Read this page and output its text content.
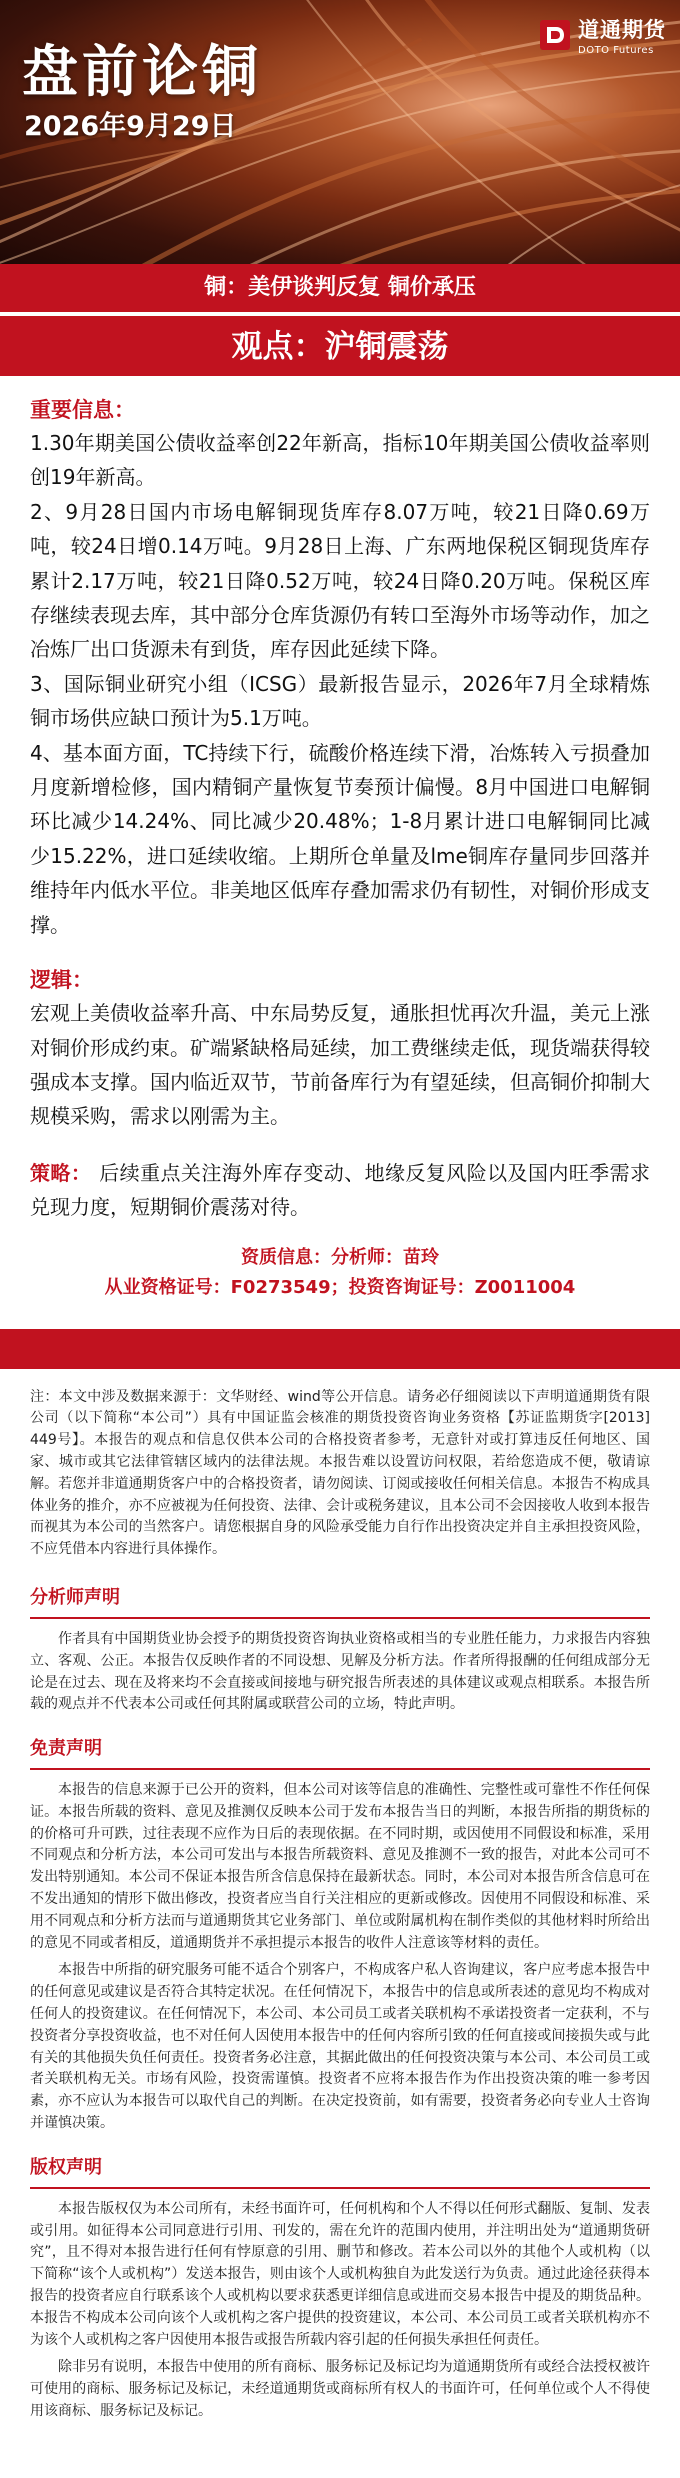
盘前论铜
2026年9月29日
道通期货
DOTO Futures
铜：美伊谈判反复 铜价承压
观点：沪铜震荡
重要信息：
1.30年期美国公债收益率创22年新高，指标10年期美国公债收益率则创19年新高。
2、9月28日国内市场电解铜现货库存8.07万吨，较21日降0.69万吨，较24日增0.14万吨。9月28日上海、广东两地保税区铜现货库存累计2.17万吨，较21日降0.52万吨，较24日降0.20万吨。保税区库存继续表现去库，其中部分仓库货源仍有转口至海外市场等动作，加之冶炼厂出口货源未有到货，库存因此延续下降。
3、国际铜业研究小组（ICSG）最新报告显示，2026年7月全球精炼铜市场供应缺口预计为5.1万吨。
4、基本面方面，TC持续下行，硫酸价格连续下滑，冶炼转入亏损叠加月度新增检修，国内精铜产量恢复节奏预计偏慢。8月中国进口电解铜环比减少14.24%、同比减少20.48%；1-8月累计进口电解铜同比减少15.22%，进口延续收缩。上期所仓单量及lme铜库存量同步回落并维持年内低水平位。非美地区低库存叠加需求仍有韧性，对铜价形成支撑。
逻辑：
宏观上美债收益率升高、中东局势反复，通胀担忧再次升温，美元上涨对铜价形成约束。矿端紧缺格局延续，加工费继续走低，现货端获得较强成本支撑。国内临近双节，节前备库行为有望延续，但高铜价抑制大规模采购，需求以刚需为主。
策略： 后续重点关注海外库存变动、地缘反复风险以及国内旺季需求兑现力度，短期铜价震荡对待。
资质信息：分析师：苗玲
从业资格证号：F0273549；投资咨询证号：Z0011004
注：本文中涉及数据来源于：文华财经、wind等公开信息。请务必仔细阅读以下声明道通期货有限公司（以下简称“本公司”）具有中国证监会核准的期货投资咨询业务资格【苏证监期货字[2013] 449号】。本报告的观点和信息仅供本公司的合格投资者参考，无意针对或打算违反任何地区、国家、城市或其它法律管辖区域内的法律法规。本报告难以设置访问权限，若给您造成不便，敬请谅解。若您并非道通期货客户中的合格投资者，请勿阅读、订阅或接收任何相关信息。本报告不构成具体业务的推介，亦不应被视为任何投资、法律、会计或税务建议，且本公司不会因接收人收到本报告而视其为本公司的当然客户。请您根据自身的风险承受能力自行作出投资决定并自主承担投资风险，不应凭借本内容进行具体操作。
分析师声明

作者具有中国期货业协会授予的期货投资咨询执业资格或相当的专业胜任能力，力求报告内容独立、客观、公正。本报告仅反映作者的不同设想、见解及分析方法。作者所得报酬的任何组成部分无论是在过去、现在及将来均不会直接或间接地与研究报告所表述的具体建议或观点相联系。本报告所载的观点并不代表本公司或任何其附属或联营公司的立场，特此声明。

免责声明

本报告的信息来源于已公开的资料，但本公司对该等信息的准确性、完整性或可靠性不作任何保证。本报告所载的资料、意见及推测仅反映本公司于发布本报告当日的判断，本报告所指的期货标的的价格可升可跌，过往表现不应作为日后的表现依据。在不同时期，或因使用不同假设和标准，采用不同观点和分析方法，本公司可发出与本报告所载资料、意见及推测不一致的报告，对此本公司可不发出特别通知。本公司不保证本报告所含信息保持在最新状态。同时，本公司对本报告所含信息可在不发出通知的情形下做出修改，投资者应当自行关注相应的更新或修改。因使用不同假设和标准、采用不同观点和分析方法而与道通期货其它业务部门、单位或附属机构在制作类似的其他材料时所给出的意见不同或者相反，道通期货并不承担提示本报告的收件人注意该等材料的责任。

本报告中所指的研究服务可能不适合个别客户，不构成客户私人咨询建议，客户应考虑本报告中的任何意见或建议是否符合其特定状况。在任何情况下，本报告中的信息或所表述的意见均不构成对任何人的投资建议。在任何情况下，本公司、本公司员工或者关联机构不承诺投资者一定获利，不与投资者分享投资收益，也不对任何人因使用本报告中的任何内容所引致的任何直接或间接损失或与此有关的其他损失负任何责任。投资者务必注意，其据此做出的任何投资决策与本公司、本公司员工或者关联机构无关。市场有风险，投资需谨慎。投资者不应将本报告作为作出投资决策的唯一参考因素，亦不应认为本报告可以取代自己的判断。在决定投资前，如有需要，投资者务必向专业人士咨询并谨慎决策。

版权声明

本报告版权仅为本公司所有，未经书面许可，任何机构和个人不得以任何形式翻版、复制、发表或引用。如征得本公司同意进行引用、刊发的，需在允许的范围内使用，并注明出处为“道通期货研究”，且不得对本报告进行任何有悖原意的引用、删节和修改。若本公司以外的其他个人或机构（以下简称“该个人或机构”）发送本报告，则由该个人或机构独自为此发送行为负责。通过此途径获得本报告的投资者应自行联系该个人或机构以要求获悉更详细信息或进而交易本报告中提及的期货品种。本报告不构成本公司向该个人或机构之客户提供的投资建议，本公司、本公司员工或者关联机构亦不为该个人或机构之客户因使用本报告或报告所载内容引起的任何损失承担任何责任。

除非另有说明，本报告中使用的所有商标、服务标记及标记均为道通期货所有或经合法授权被许可使用的商标、服务标记及标记，未经道通期货或商标所有权人的书面许可，任何单位或个人不得使用该商标、服务标记及标记。
